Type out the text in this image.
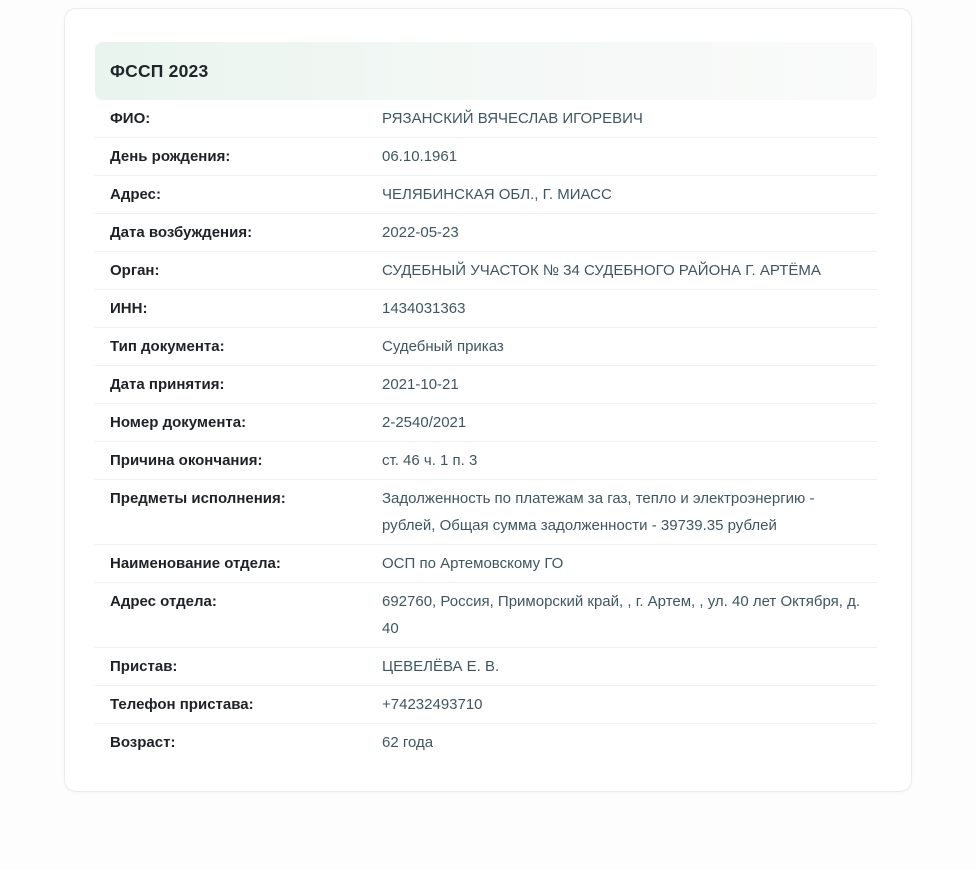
ФССП 2023
ФИО:	РЯЗАНСКИЙ ВЯЧЕСЛАВ ИГОРЕВИЧ
День рождения:	06.10.1961
Адрес:	ЧЕЛЯБИНСКАЯ ОБЛ., Г. МИАСС
Дата возбуждения:	2022-05-23
Орган:	СУДЕБНЫЙ УЧАСТОК № 34 СУДЕБНОГО РАЙОНА Г. АРТЁМА
ИНН:	1434031363
Тип документа:	Судебный приказ
Дата принятия:	2021-10-21
Номер документа:	2-2540/2021
Причина окончания:	ст. 46 ч. 1 п. 3
Предметы исполнения:	Задолженность по платежам за газ, тепло и электроэнергию - рублей, Общая сумма задолженности - 39739.35 рублей
Наименование отдела:	ОСП по Артемовскому ГО
Адрес отдела:	692760, Россия, Приморский край, , г. Артем, , ул. 40 лет Октября, д. 40
Пристав:	ЦЕВЕЛЁВА Е. В.
Телефон пристава:	+74232493710
Возраст:	62 года
